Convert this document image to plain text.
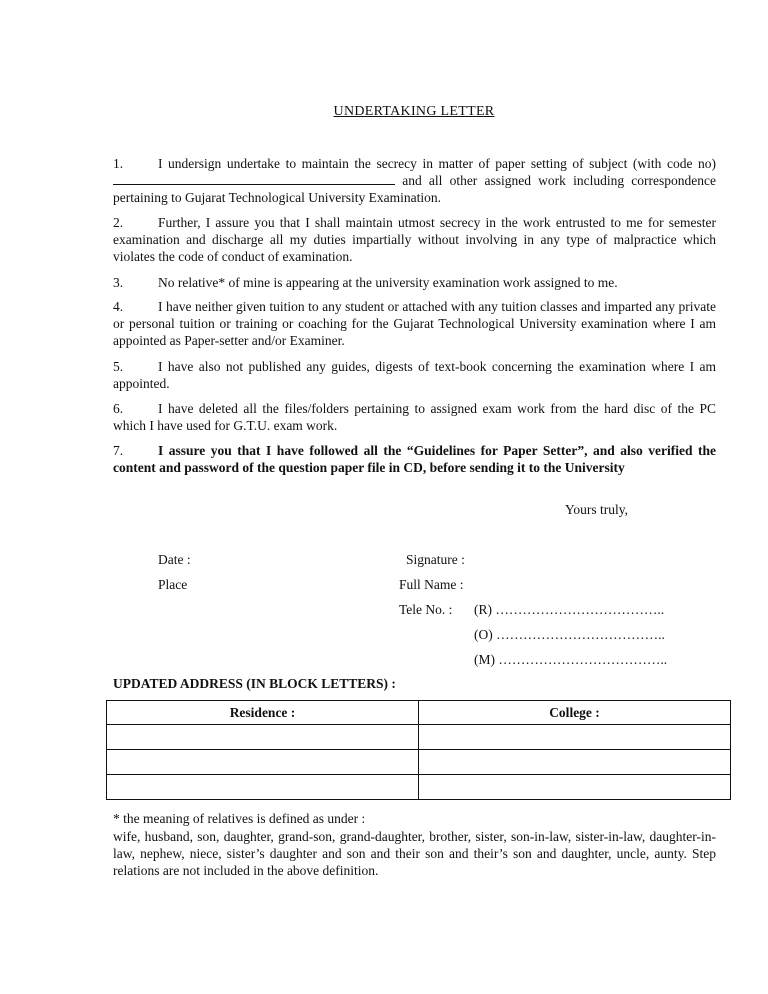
UNDERTAKING LETTER
1.	I undersign undertake to maintain the secrecy in matter of paper setting of subject (with code no)  and all other assigned work including correspondence pertaining to Gujarat Technological University Examination.
2.	Further, I assure you that I shall maintain utmost secrecy in the work entrusted to me for semester examination and discharge all my duties impartially without involving in any type of malpractice which violates the code of conduct of examination.
3.	No relative* of mine is appearing at the university examination work assigned to me.
4.	I have neither given tuition to any student or attached with any tuition classes and imparted any private or personal tuition or training or coaching for the Gujarat Technological University examination where I am appointed as Paper-setter and/or Examiner.
5.	I have also not published any guides, digests of text-book concerning the examination where I am appointed.
6.	I have deleted all the files/folders pertaining to assigned exam work from the hard disc of the PC which I have used for G.T.U. exam work.
7.	I assure you that I have followed all the “Guidelines for Paper Setter”, and also verified the content and password of the question paper file in CD, before sending it to the University
Yours truly,
Date :	Signature :
Place	Full Name :
Tele No. : (R) ………………………………..
(O) ………………………………..
(M) ………………………………..
UPDATED ADDRESS (IN BLOCK LETTERS) :
Residence :	College :

* the meaning of relatives is defined as under :
wife, husband, son, daughter, grand-son, grand-daughter, brother, sister, son-in-law, sister-in-law, daughter-in-law, nephew, niece, sister’s daughter and son and their son and their’s son and daughter, uncle, aunty. Step relations are not included in the above definition.
